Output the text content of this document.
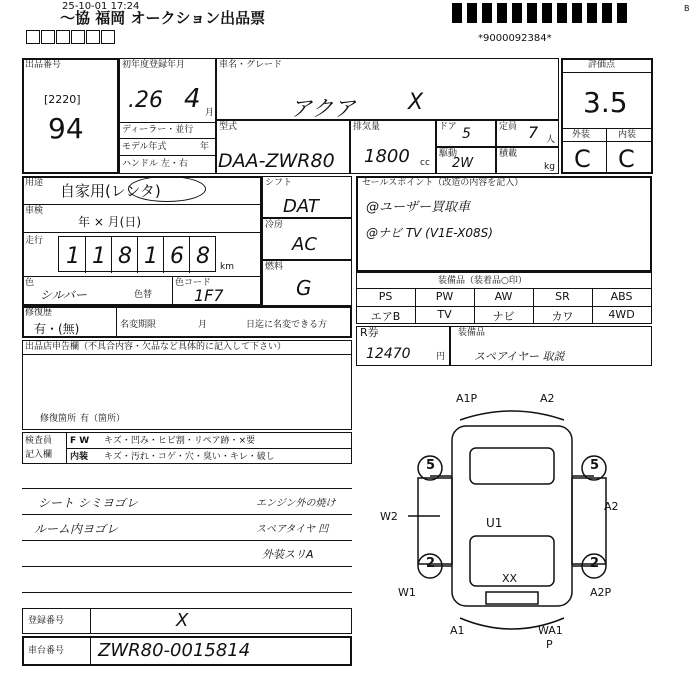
25-10-01 17:24
～協 福岡 オークション出品票
*9000092384*
B
出品番号
[2220]
94
初年度登録年月
.26 4 月
ディーラー・並行
モデル年式	年
ハンドル 左・右
車名・グレード
アクア X
型式
DAA-ZWR80
排気量
1800 cc
ドア 5
駆動
2W
定員 7 人
積載
kg
評価点
3.5
外装	内装
C C
用途 自家用(レンタ)
車検
年 × 月(日)
走行
118168
km
色
シルバー	色替
色コード
1F7
シフト
DAT
冷房
AC
燃料
G
セールスポイント（改造の内容を記入）
@ユーザー買取車
@ナビ TV (V1E-X08S)
装備品（装着品○印）
PS	PW	AW	SR	ABS
エアB	TV	ナビ	カワ	4WD
修復歴
有・(無)	名変期限	月	日迄に名変できる方
出品店申告欄（不具合内容・欠品など具体的に記入して下さい）
修復箇所 有（箇所）
検査員
記入欄
F W キズ・凹み・ヒビ割・リペア跡・×要
内装 キズ・汚れ・コゲ・穴・臭い・キレ・破し
シート シミヨゴレ
ルーム内ヨゴレ
エンジン外の焼け
スペアタイヤ 凹
外装スリA
R券
12470	円
装備品
スペアイヤー 取説
A1P	A2
A2
W2	U1
XX
W1	A2P
A1	WA1
P
5	5
2	2
登録番号	X
車台番号 ZWR80-0015814
